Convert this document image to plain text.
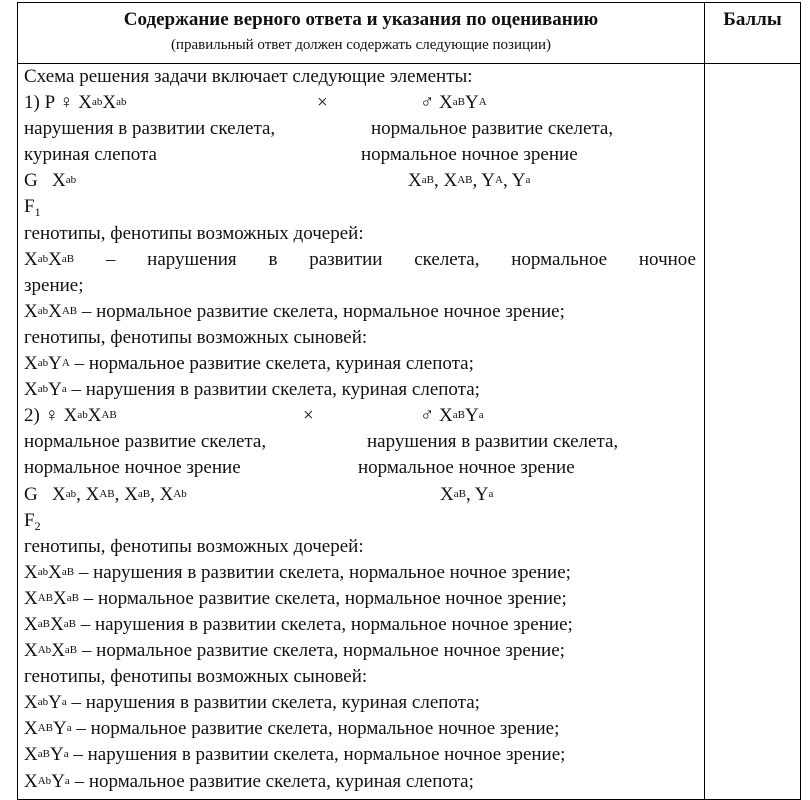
Содержание верного ответа и указания по оцениванию
(правильный ответ должен содержать следующие позиции)
Баллы
Схема решения задачи включает следующие элементы:
1) P ♀ $X^{ab}X^{ab}$	×	♂ $X^{aB}Y^A$
нарушения в развитии скелета,	нормальное развитие скелета,
куриная слепота	нормальное ночное зрение
G $X^{ab}$	$X^{aB}$, $X^{AB}$, $Y^A$, $Y^a$
$F_1$
генотипы, фенотипы возможных дочерей:
$X^{ab}X^{aB}$ – нарушения в развитии скелета, нормальное ночное
зрение;
$X^{ab}X^{AB}$ – нормальное развитие скелета, нормальное ночное зрение;
генотипы, фенотипы возможных сыновей:
$X^{ab}Y^A$ – нормальное развитие скелета, куриная слепота;
$X^{ab}Y^a$ – нарушения в развитии скелета, куриная слепота;
2) ♀ $X^{ab}X^{AB}$	×	♂ $X^{aB}Y^a$
нормальное развитие скелета,	нарушения в развитии скелета,
нормальное ночное зрение	нормальное ночное зрение
G $X^{ab}$, $X^{AB}$, $X^{aB}$, $X^{Ab}$	$X^{aB}$, $Y^a$
$F_2$
генотипы, фенотипы возможных дочерей:
$X^{ab}X^{aB}$ – нарушения в развитии скелета, нормальное ночное зрение;
$X^{AB}X^{aB}$ – нормальное развитие скелета, нормальное ночное зрение;
$X^{aB}X^{aB}$ – нарушения в развитии скелета, нормальное ночное зрение;
$X^{Ab}X^{aB}$ – нормальное развитие скелета, нормальное ночное зрение;
генотипы, фенотипы возможных сыновей:
$X^{ab}Y^a$ – нарушения в развитии скелета, куриная слепота;
$X^{AB}Y^a$ – нормальное развитие скелета, нормальное ночное зрение;
$X^{aB}Y^a$ – нарушения в развитии скелета, нормальное ночное зрение;
$X^{Ab}Y^a$ – нормальное развитие скелета, куриная слепота;
